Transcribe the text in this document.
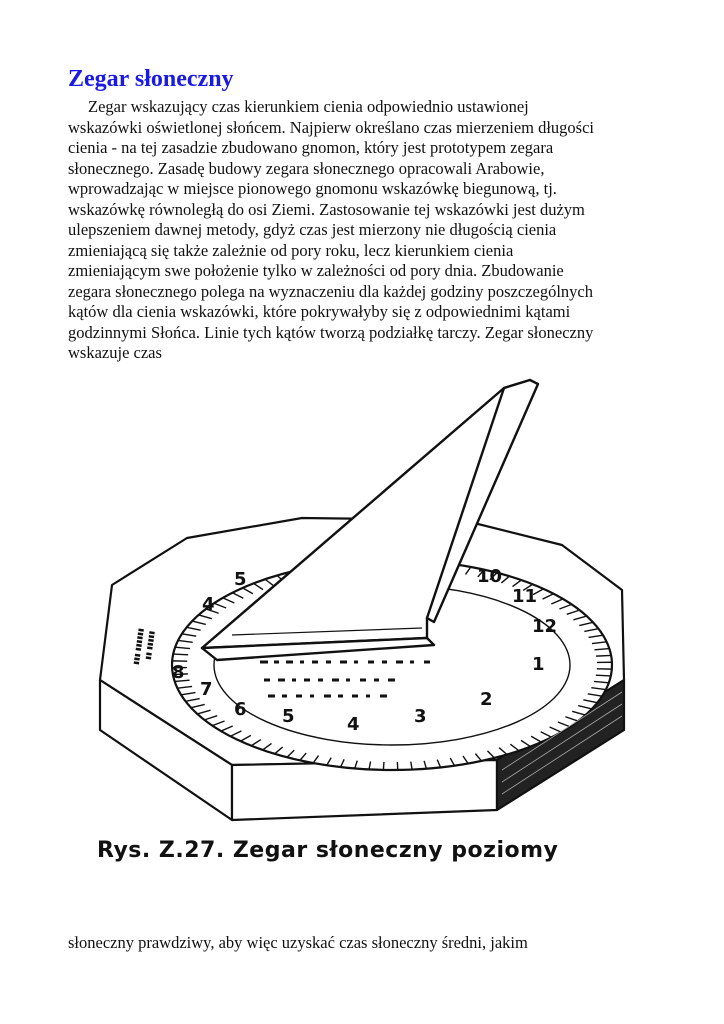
Zegar słoneczny

Zegar wskazujący czas kierunkiem cienia odpowiednio ustawionej
wskazówki oświetlonej słońcem. Najpierw określano czas mierzeniem długości
cienia - na tej zasadzie zbudowano gnomon, który jest prototypem zegara
słonecznego. Zasadę budowy zegara słonecznego opracowali Arabowie,
wprowadzając w miejsce pionowego gnomonu wskazówkę biegunową, tj.
wskazówkę równoległą do osi Ziemi. Zastosowanie tej wskazówki jest dużym
ulepszeniem dawnej metody, gdyż czas jest mierzony nie długością cienia
zmieniającą się także zależnie od pory roku, lecz kierunkiem cienia
zmieniającym swe położenie tylko w zależności od pory dnia. Zbudowanie
zegara słonecznego polega na wyznaczeniu dla każdej godziny poszczególnych
kątów dla cienia wskazówki, które pokrywałyby się z odpowiednimi kątami
godzinnymi Słońca. Linie tych kątów tworzą podziałkę tarczy. Zegar słoneczny
wskazuje czas

8
7
6 5	4	3
2
1
12
11
10
5
4
▮▮▮ ▮▮▮▮▮▮
▮▮ ▮▮▮▮▮

Rys. Z.27. Zegar słoneczny poziomy

słoneczny prawdziwy, aby więc uzyskać czas słoneczny średni, jakim
